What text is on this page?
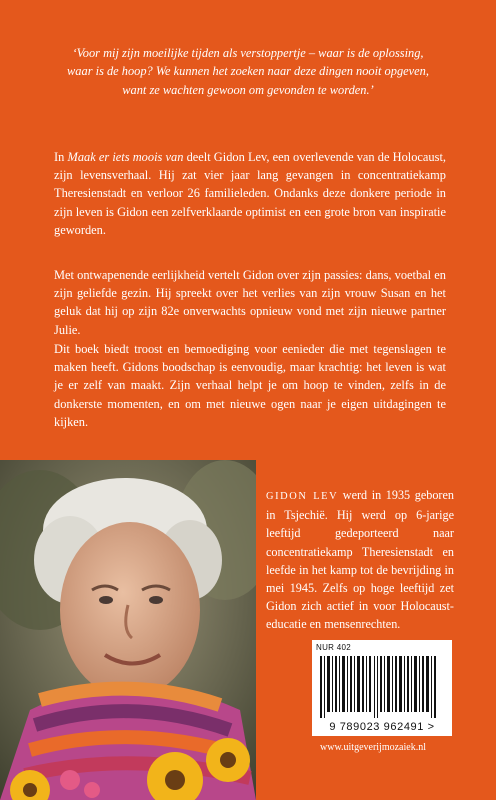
‘Voor mij zijn moeilijke tijden als verstoppertje – waar is de oplossing,
waar is de hoop? We kunnen het zoeken naar deze dingen nooit opgeven,
want ze wachten gewoon om gevonden te worden.’

In Maak er iets moois van deelt Gidon Lev, een overlevende van de Holocaust, zijn levensverhaal. Hij zat vier jaar lang gevangen in concentratiekamp Theresienstadt en verloor 26 familieleden. Ondanks deze donkere periode in zijn leven is Gidon een zelfverklaarde optimist en een grote bron van inspiratie geworden.

Met ontwapenende eerlijkheid vertelt Gidon over zijn passies: dans, voetbal en zijn geliefde gezin. Hij spreekt over het verlies van zijn vrouw Susan en het geluk dat hij op zijn 82e onverwachts opnieuw vond met zijn nieuwe partner Julie.

Dit boek biedt troost en bemoediging voor eenieder die met tegenslagen te maken heeft. Gidons boodschap is eenvoudig, maar krachtig: het leven is wat je er zelf van maakt. Zijn verhaal helpt je om hoop te vinden, zelfs in de donkerste momenten, en om met nieuwe ogen naar je eigen uitdagingen te kijken.

GIDON LEV werd in 1935 geboren in Tsjechië. Hij werd op 6-jarige leeftijd gedeporteerd naar concentratiekamp Theresienstadt en leefde in het kamp tot de bevrijding in mei 1945. Zelfs op hoge leeftijd zet Gidon zich actief in voor Holocaust-educatie en mensenrechten.
NUR 402
9 789023 962491 >
www.uitgeverijmozaiek.nl
